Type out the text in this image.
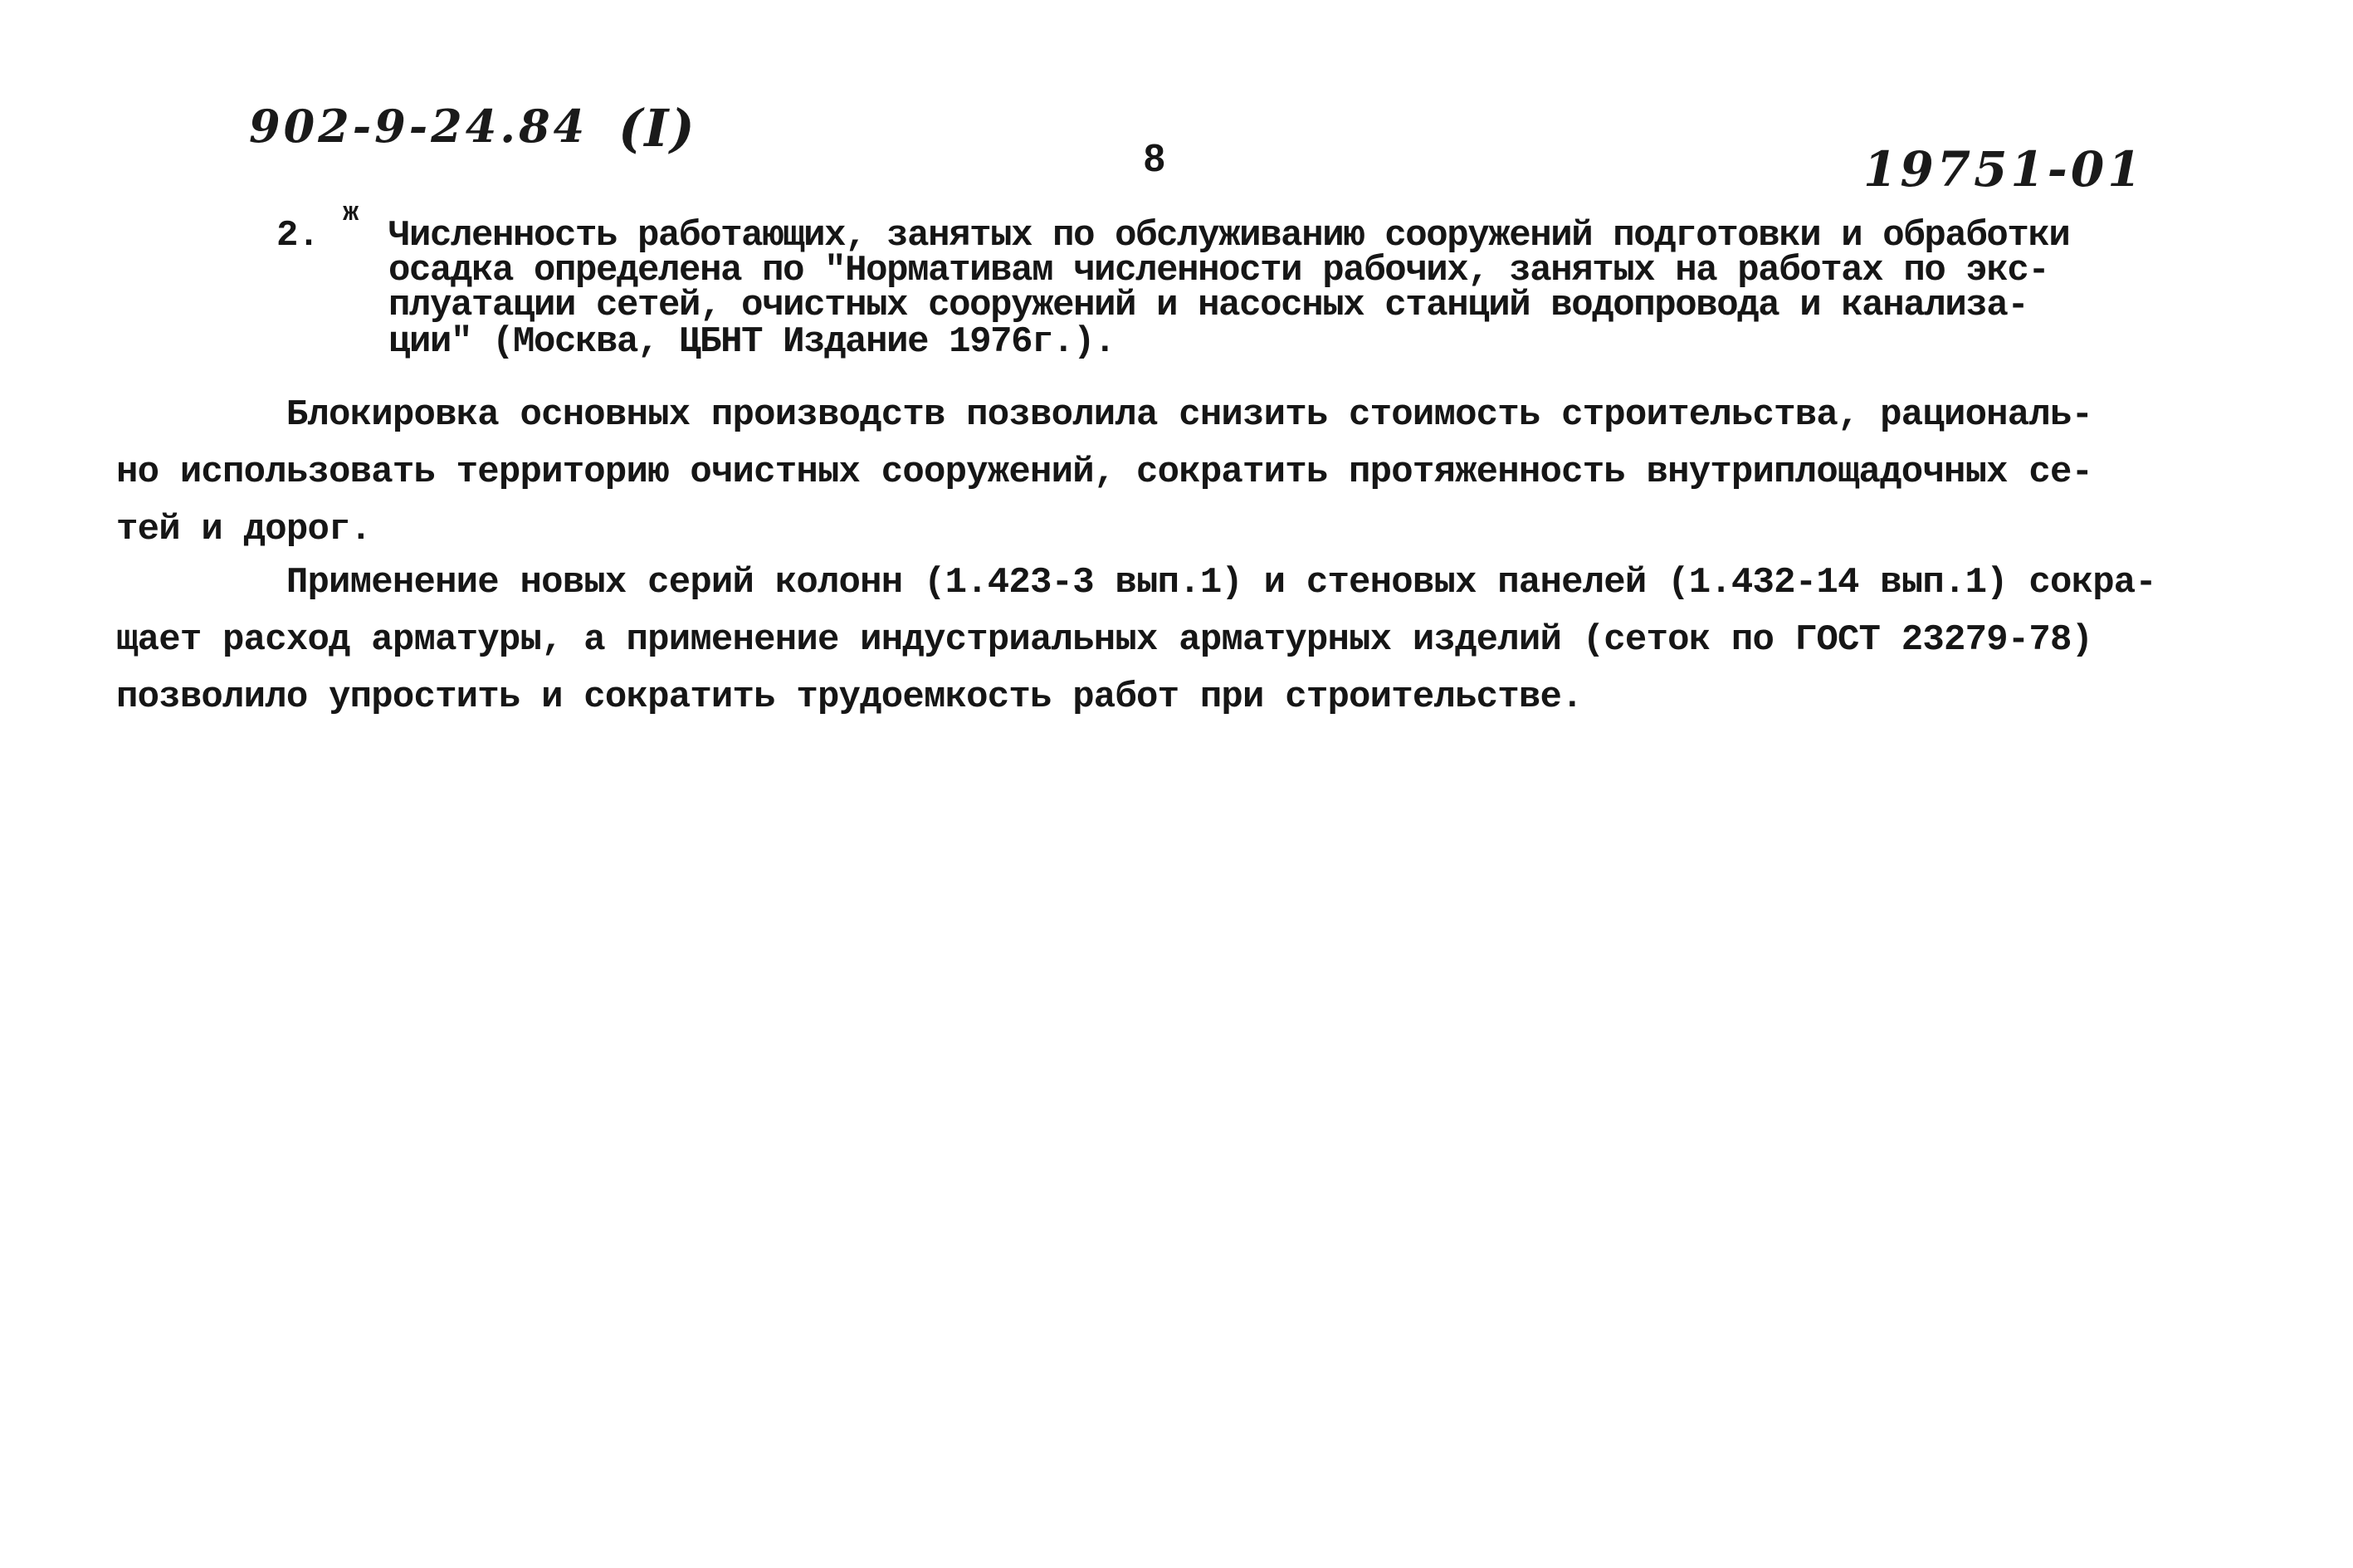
902-9-24.84 (I)	8	19751-01
2.
ж
Численность работающих, занятых по обслуживанию сооружений подготовки и обработки
осадка определена по "Нормативам численности рабочих, занятых на работах по экс-
плуатации сетей, очистных сооружений и насосных станций водопровода и канализа-
ции" (Москва, ЦБНТ Издание 1976г.).
Блокировка основных производств позволила снизить стоимость строительства, рациональ-
но использовать территорию очистных сооружений, сократить протяженность внутриплощадочных се-
тей и дорог.
Применение новых серий колонн (1.423-3 вып.1) и стеновых панелей (1.432-14 вып.1) сокра-
щает расход арматуры, а применение индустриальных арматурных изделий (сеток по ГОСТ 23279-78)
позволило упростить и сократить трудоемкость работ при строительстве.
